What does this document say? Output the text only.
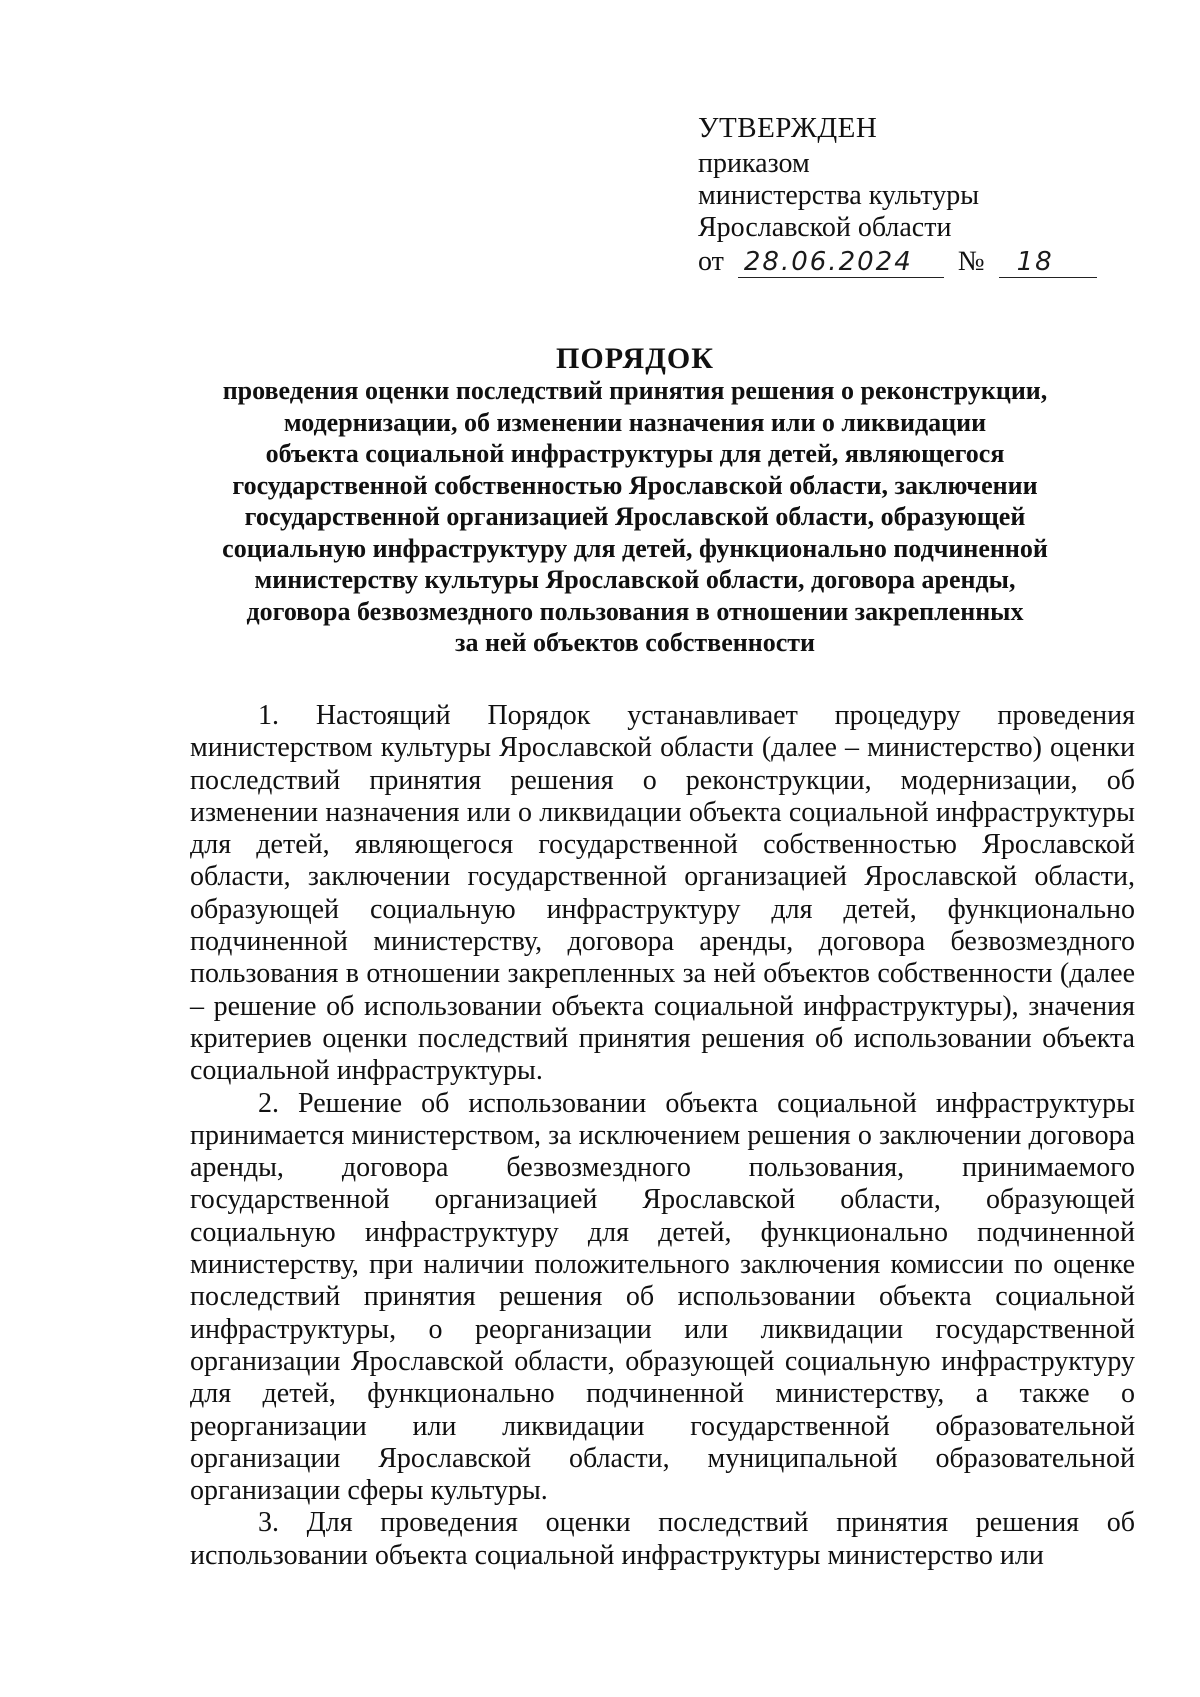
УТВЕРЖДЕН
приказом
министерства культуры
Ярославской области
от 28.06.2024 № 18
ПОРЯДОК
проведения оценки последствий принятия решения о реконструкции,
модернизации, об изменении назначения или о ликвидации
объекта социальной инфраструктуры для детей, являющегося
государственной собственностью Ярославской области, заключении
государственной организацией Ярославской области, образующей
социальную инфраструктуру для детей, функционально подчиненной
министерству культуры Ярославской области, договора аренды,
договора безвозмездного пользования в отношении закрепленных
за ней объектов собственности

1. Настоящий Порядок устанавливает процедуру проведения министерством культуры Ярославской области (далее – министерство) оценки последствий принятия решения о реконструкции, модернизации, об изменении назначения или о ликвидации объекта социальной инфраструктуры для детей, являющегося государственной собственностью Ярославской области, заключении государственной организацией Ярославской области, образующей социальную инфраструктуру для детей, функционально подчиненной министерству, договора аренды, договора безвозмездного пользования в отношении закрепленных за ней объектов собственности (далее – решение об использовании объекта социальной инфраструктуры), значения критериев оценки последствий принятия решения об использовании объекта социальной инфраструктуры.

2. Решение об использовании объекта социальной инфраструктуры принимается министерством, за исключением решения о заключении договора аренды, договора безвозмездного пользования, принимаемого государственной организацией Ярославской области, образующей социальную инфраструктуру для детей, функционально подчиненной министерству, при наличии положительного заключения комиссии по оценке последствий принятия решения об использовании объекта социальной инфраструктуры, о реорганизации или ликвидации государственной организации Ярославской области, образующей социальную инфраструктуру для детей, функционально подчиненной министерству, а также о реорганизации или ликвидации государственной образовательной организации Ярославской области, муниципальной образовательной организации сферы культуры.

3. Для проведения оценки последствий принятия решения об использовании объекта социальной инфраструктуры министерство или
